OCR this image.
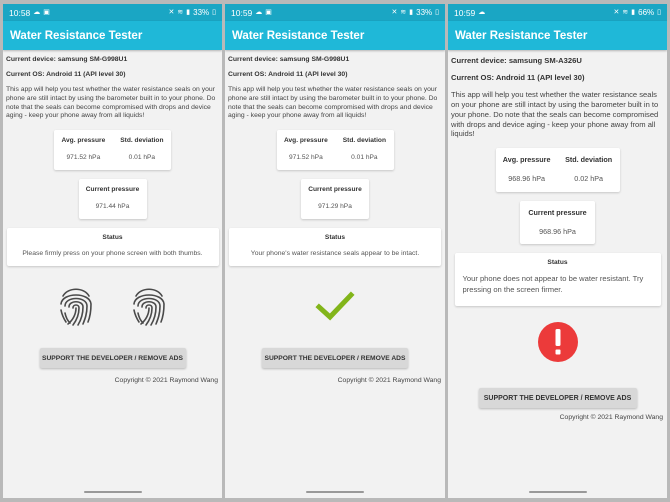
10:58 ☁ ▣	✕ ≋ ▮ 33% ▯
Water Resistance Tester
Current device: samsung SM-G998U1
Current OS: Android 11 (API level 30)
This app will help you test whether the water resistance seals on your phone are still intact by using the barometer built in to your phone. Do note that the seals can become compromised with drops and device aging - keep your phone away from all liquids!
Avg. pressure
971.52 hPa
Std. deviation
0.01 hPa
Current pressure
971.44 hPa
Status
Please firmly press on your phone screen with both thumbs.
SUPPORT THE DEVELOPER / REMOVE ADS
Copyright © 2021 Raymond Wang
10:59 ☁ ▣	✕ ≋ ▮ 33% ▯
Water Resistance Tester
Current device: samsung SM-G998U1
Current OS: Android 11 (API level 30)
This app will help you test whether the water resistance seals on your phone are still intact by using the barometer built in to your phone. Do note that the seals can become compromised with drops and device aging - keep your phone away from all liquids!
Avg. pressure
971.52 hPa
Std. deviation
0.01 hPa
Current pressure
971.29 hPa
Status
Your phone's water resistance seals appear to be intact.
SUPPORT THE DEVELOPER / REMOVE ADS
Copyright © 2021 Raymond Wang
10:59 ☁	✕ ≋ ▮ 66% ▯
Water Resistance Tester
Current device: samsung SM-A326U
Current OS: Android 11 (API level 30)
This app will help you test whether the water resistance seals on your phone are still intact by using the barometer built in to your phone. Do note that the seals can become compromised with drops and device aging - keep your phone away from all liquids!
Avg. pressure
968.96 hPa
Std. deviation
0.02 hPa
Current pressure
968.96 hPa
Status
Your phone does not appear to be water resistant. Try pressing on the screen firmer.
SUPPORT THE DEVELOPER / REMOVE ADS
Copyright © 2021 Raymond Wang
